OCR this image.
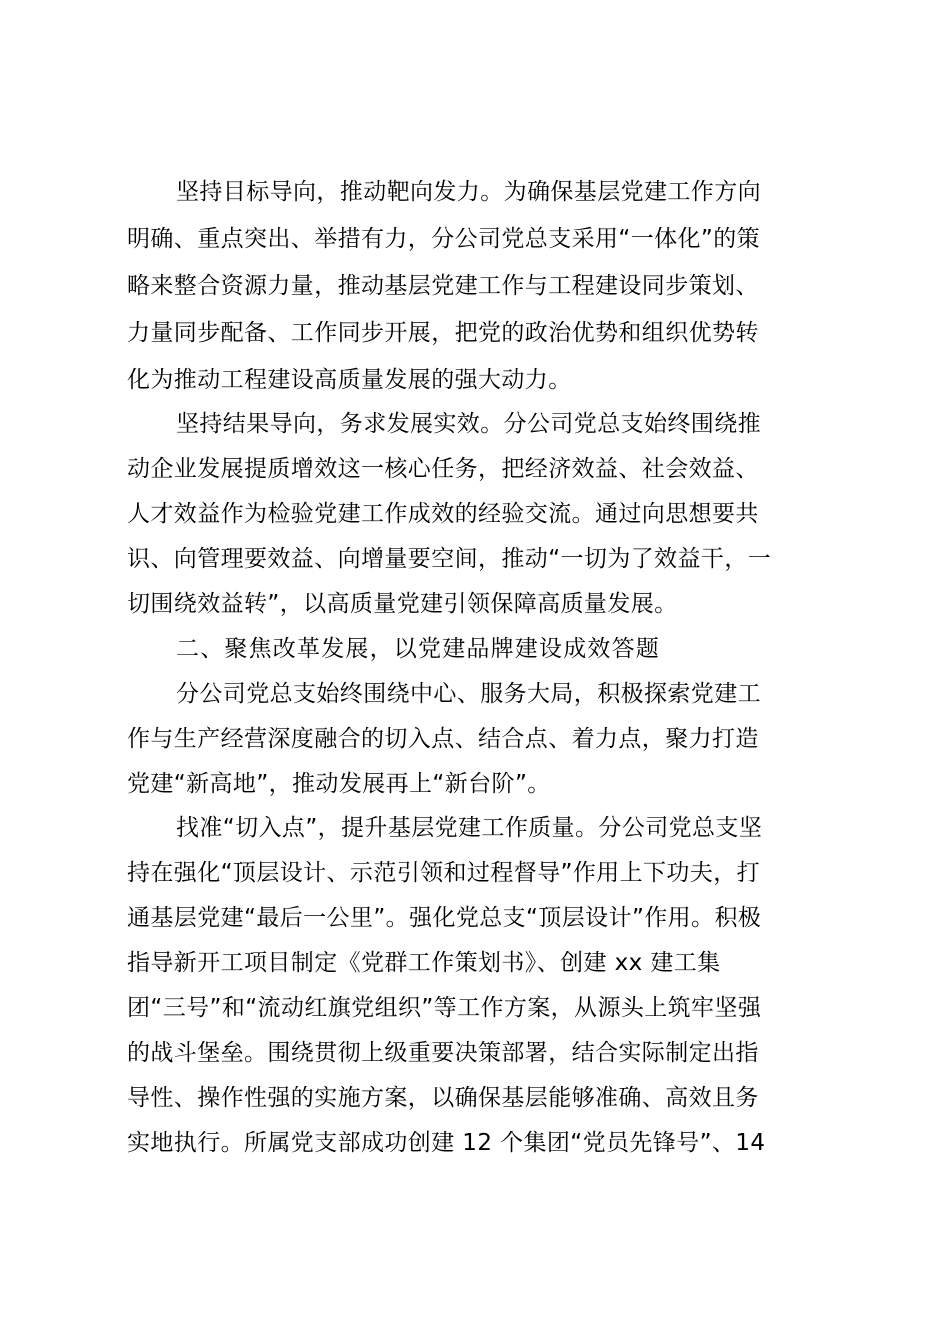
坚持目标导向，推动靶向发力。为确保基层党建工作方向
明确、重点突出、举措有力，分公司党总支采用“一体化”的策
略来整合资源力量，推动基层党建工作与工程建设同步策划、
力量同步配备、工作同步开展，把党的政治优势和组织优势转
化为推动工程建设高质量发展的强大动力。
坚持结果导向，务求发展实效。分公司党总支始终围绕推
动企业发展提质增效这一核心任务，把经济效益、社会效益、
人才效益作为检验党建工作成效的经验交流。通过向思想要共
识、向管理要效益、向增量要空间，推动“一切为了效益干，一
切围绕效益转”，以高质量党建引领保障高质量发展。
二、聚焦改革发展，以党建品牌建设成效答题
分公司党总支始终围绕中心、服务大局，积极探索党建工
作与生产经营深度融合的切入点、结合点、着力点，聚力打造
党建“新高地”，推动发展再上“新台阶”。
找准“切入点”，提升基层党建工作质量。分公司党总支坚
持在强化“顶层设计、示范引领和过程督导”作用上下功夫，打
通基层党建“最后一公里”。强化党总支“顶层设计”作用。积极
指导新开工项目制定《党群工作策划书》、创建 xx 建工集
团“三号”和“流动红旗党组织”等工作方案，从源头上筑牢坚强
的战斗堡垒。围绕贯彻上级重要决策部署，结合实际制定出指
导性、操作性强的实施方案，以确保基层能够准确、高效且务
实地执行。所属党支部成功创建 12 个集团“党员先锋号”、14
